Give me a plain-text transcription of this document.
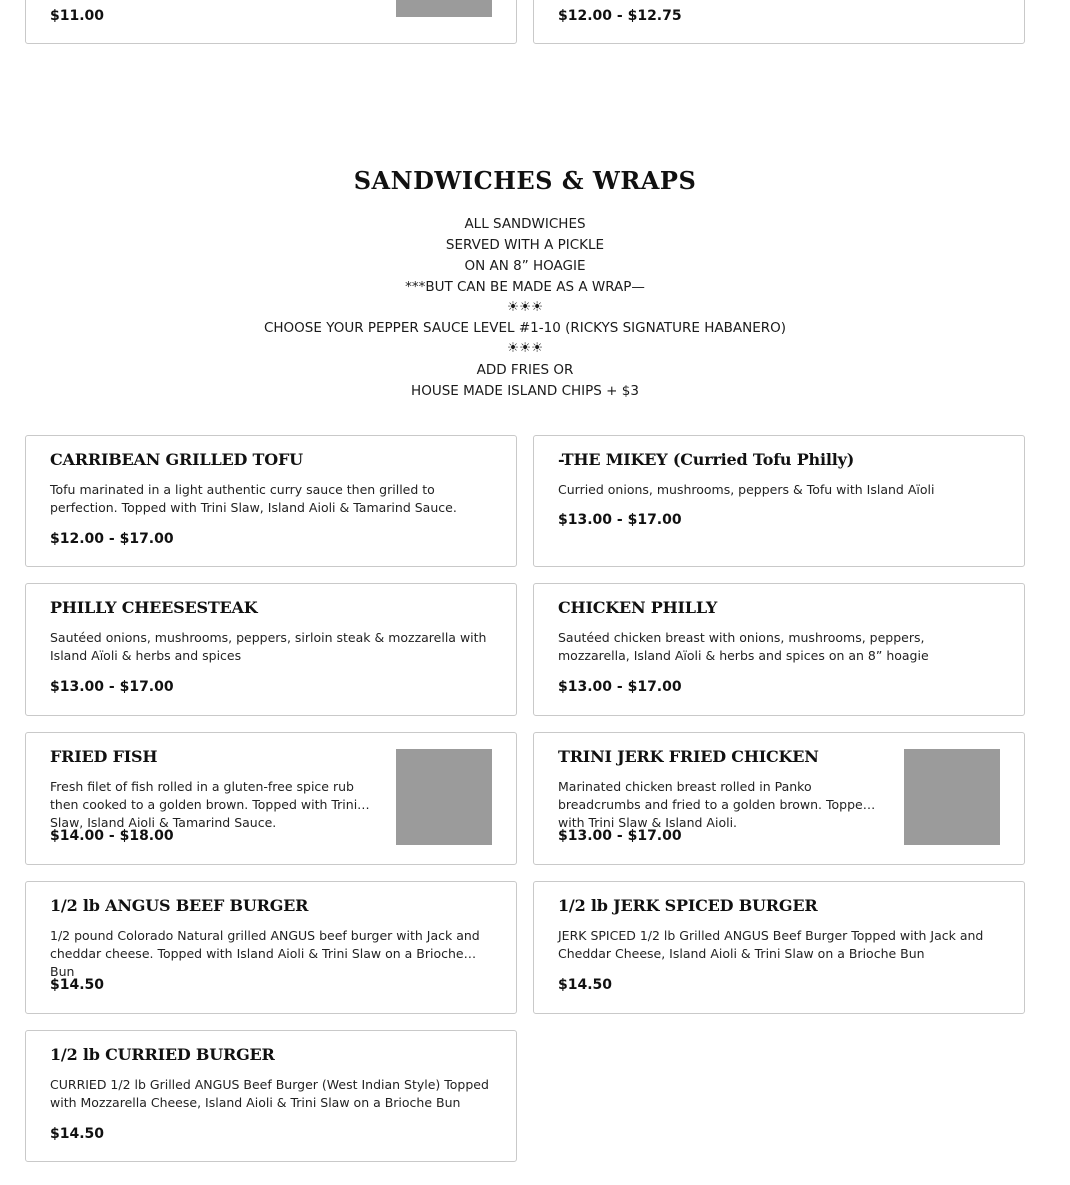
$11.00	$12.00 - $12.75
SANDWICHES & WRAPS
ALL SANDWICHES
SERVED WITH A PICKLE
ON AN 8” HOAGIE
***BUT CAN BE MADE AS A WRAP—
☀☀☀
CHOOSE YOUR PEPPER SAUCE LEVEL #1-10 (RICKYS SIGNATURE HABANERO)
☀☀☀
ADD FRIES OR
HOUSE MADE ISLAND CHIPS + $3
CARRIBEAN GRILLED TOFU
Tofu marinated in a light authentic curry sauce then grilled to perfection. Topped with Trini Slaw, Island Aioli & Tamarind Sauce.
$12.00 - $17.00
-THE MIKEY (Curried Tofu Philly)
Curried onions, mushrooms, peppers & Tofu with Island Aïoli
$13.00 - $17.00
PHILLY CHEESESTEAK
Sautéed onions, mushrooms, peppers, sirloin steak & mozzarella with Island Aïoli & herbs and spices
$13.00 - $17.00
CHICKEN PHILLY
Sautéed chicken breast with onions, mushrooms, peppers, mozzarella, Island Aïoli & herbs and spices on an 8” hoagie
$13.00 - $17.00
FRIED FISH
Fresh filet of fish rolled in a gluten-free spice rub then cooked to a golden brown. Topped with Trini Slaw, Island Aioli & Tamarind Sauce.
$14.00 - $18.00
TRINI JERK FRIED CHICKEN
Marinated chicken breast rolled in Panko breadcrumbs and fried to a golden brown. Topped with Trini Slaw & Island Aioli.
$13.00 - $17.00
1/2 lb ANGUS BEEF BURGER
1/2 pound Colorado Natural grilled ANGUS beef burger with Jack and cheddar cheese. Topped with Island Aioli & Trini Slaw on a Brioche Bun
$14.50
1/2 lb JERK SPICED BURGER
JERK SPICED 1/2 lb Grilled ANGUS Beef Burger Topped with Jack and Cheddar Cheese, Island Aioli & Trini Slaw on a Brioche Bun
$14.50
1/2 lb CURRIED BURGER
CURRIED 1/2 lb Grilled ANGUS Beef Burger (West Indian Style) Topped with Mozzarella Cheese, Island Aioli & Trini Slaw on a Brioche Bun
$14.50
